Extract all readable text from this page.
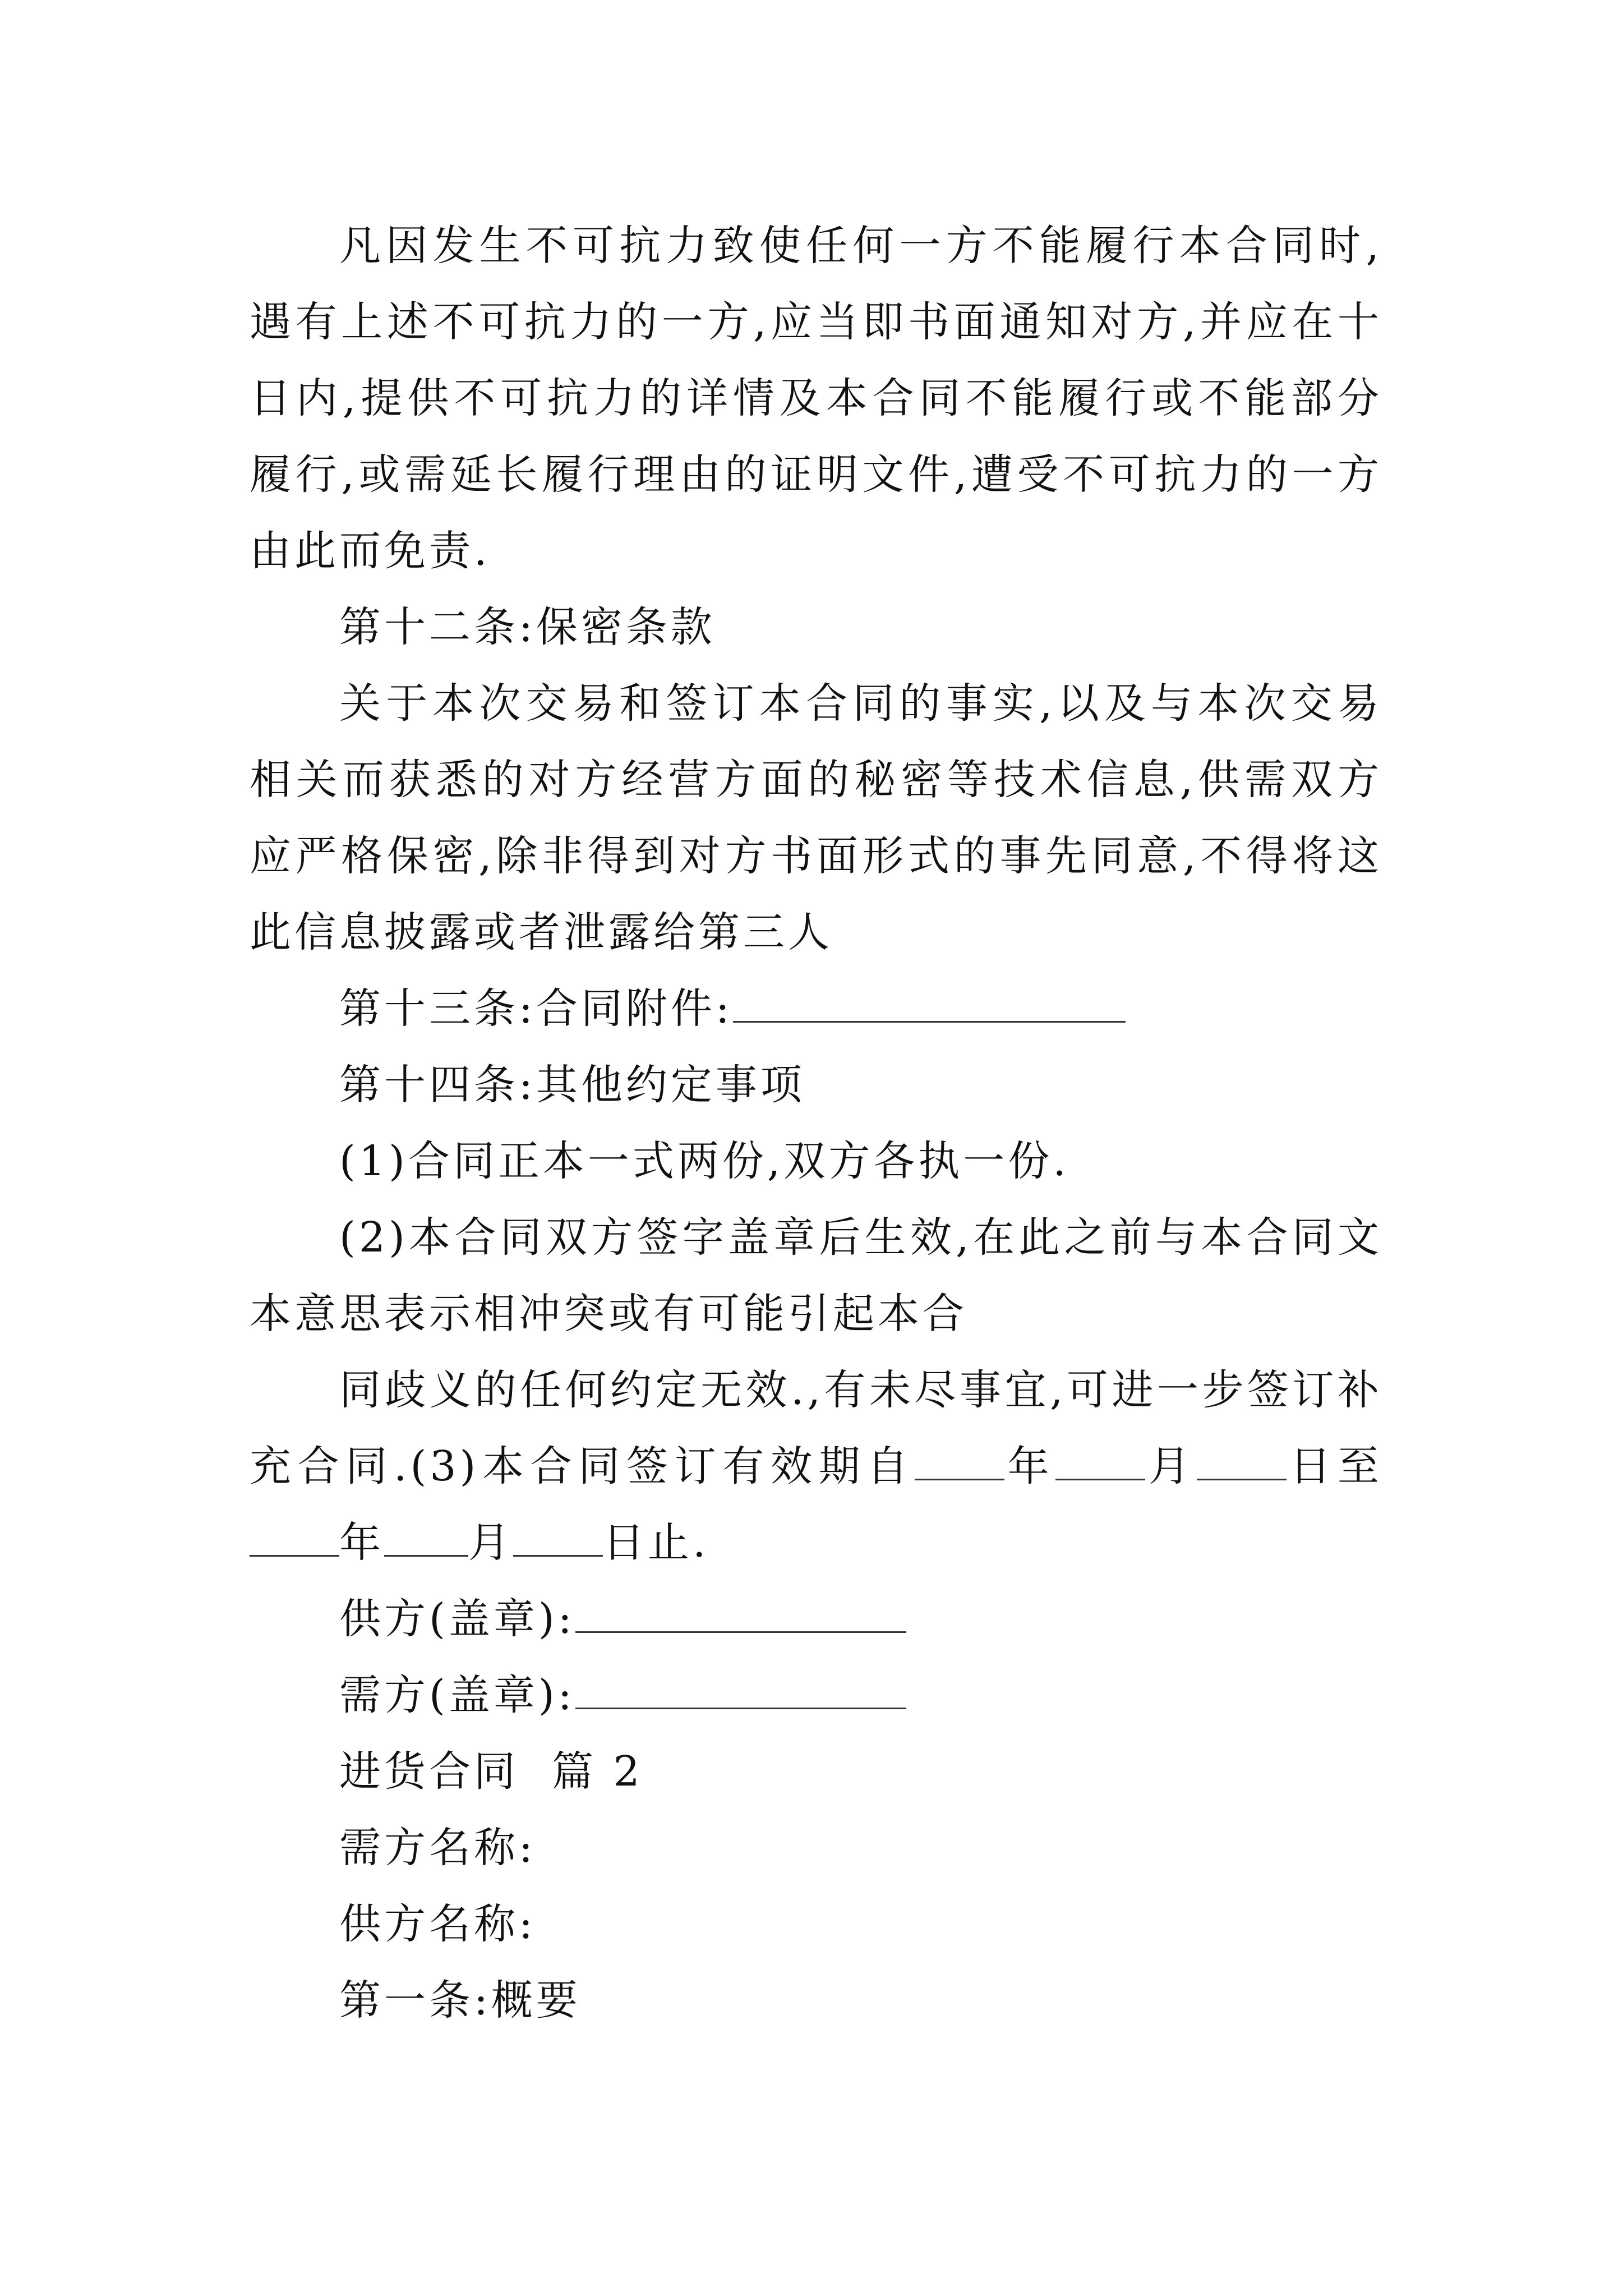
凡因发生不可抗力致使任何一方不能履行本合同时,遇有上述不可抗力的一方,应当即书面通知对方,并应在十日内,提供不可抗力的详情及本合同不能履行或不能部分履行,或需延长履行理由的证明文件,遭受不可抗力的一方由此而免责.

第十二条:保密条款

关于本次交易和签订本合同的事实,以及与本次交易相关而获悉的对方经营方面的秘密等技术信息,供需双方应严格保密,除非得到对方书面形式的事先同意,不得将这此信息披露或者泄露给第三人

第十三条:合同附件:

第十四条:其他约定事项

(1)合同正本一式两份,双方各执一份.

(2)本合同双方签字盖章后生效,在此之前与本合同文本意思表示相冲突或有可能引起本合

同歧义的任何约定无效.,有未尽事宜,可进一步签订补充合同.(3)本合同签订有效期自 年 月 日至年 月 日止.

供方(盖章):

需方(盖章):

进货合同  篇 2

需方名称:

供方名称:

第一条:概要
